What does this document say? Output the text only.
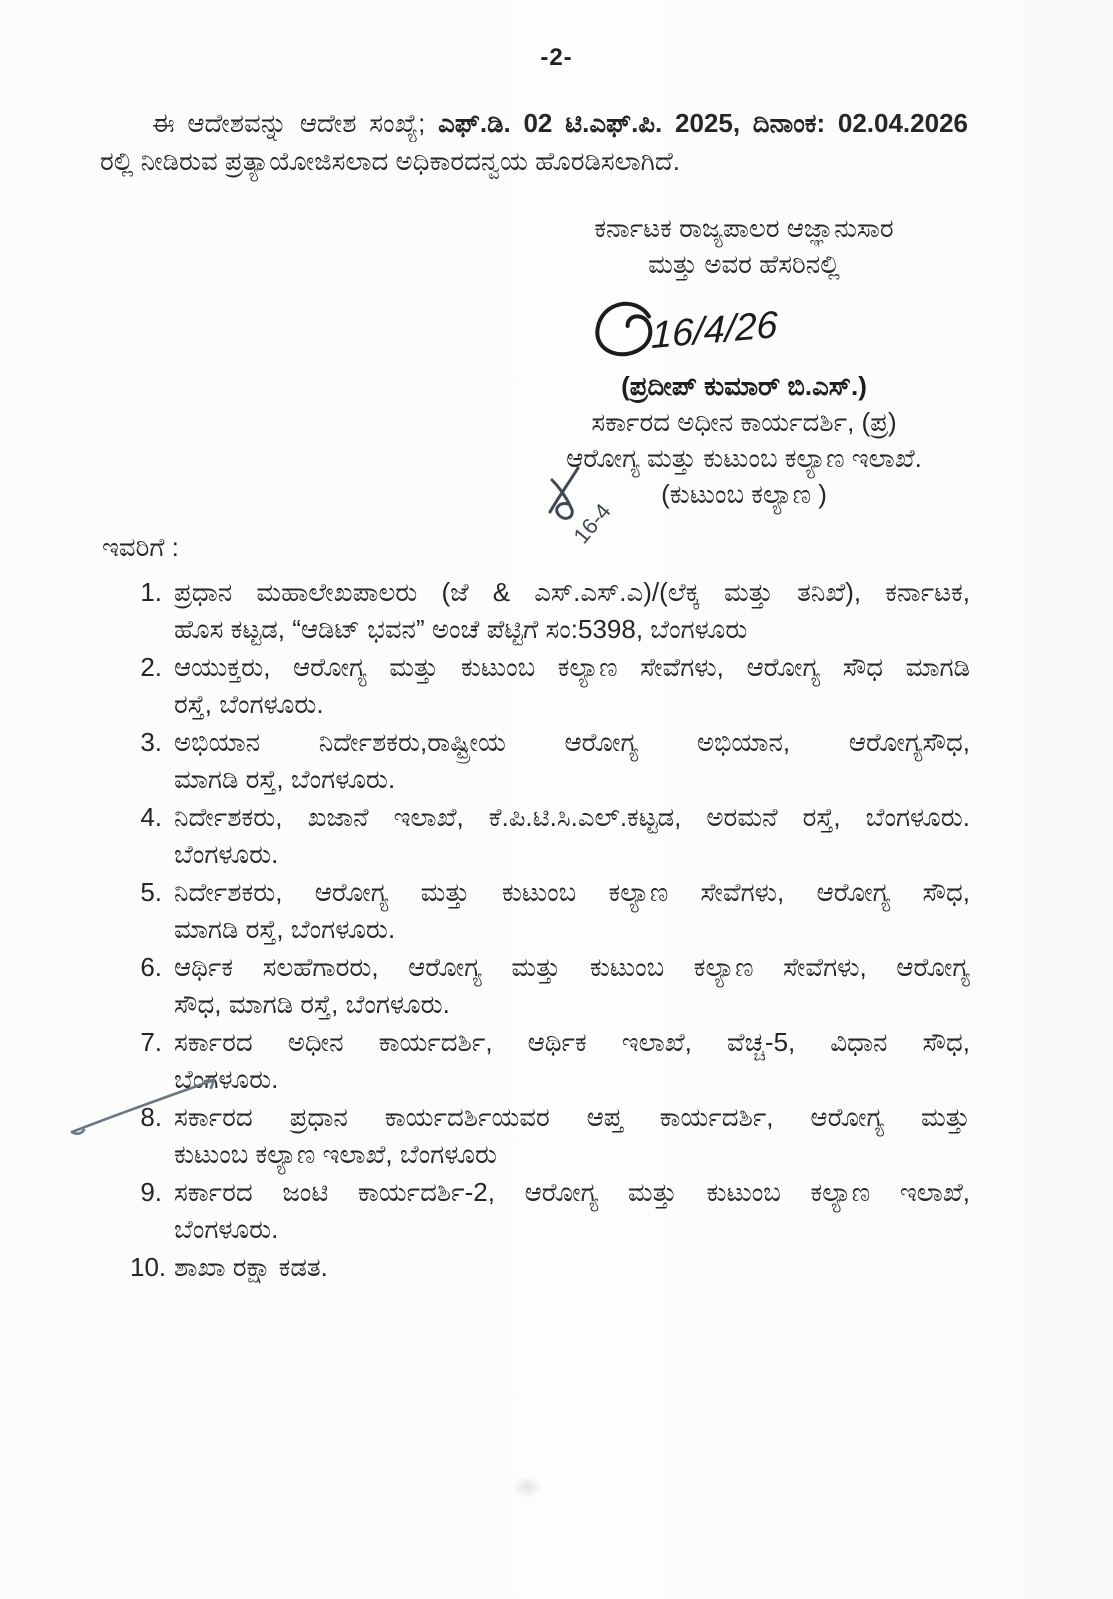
-2-
ಈ ಆದೇಶವನ್ನು ಆದೇಶ ಸಂಖ್ಯೆ; ಎಫ್.ಡಿ. 02 ಟಿ.ಎಫ್.ಪಿ. 2025, ದಿನಾಂಕ: 02.04.2026
ರಲ್ಲಿ ನೀಡಿರುವ ಪ್ರತ್ಯಾಯೋಜಿಸಲಾದ ಅಧಿಕಾರದನ್ವಯ ಹೊರಡಿಸಲಾಗಿದೆ.
ಕರ್ನಾಟಕ ರಾಜ್ಯಪಾಲರ ಆಜ್ಞಾನುಸಾರ
ಮತ್ತು ಅವರ ಹೆಸರಿನಲ್ಲಿ
16/4/26
(ಪ್ರದೀಪ್ ಕುಮಾರ್ ಬಿ.ಎಸ್.)
ಸರ್ಕಾರದ ಅಧೀನ ಕಾರ್ಯದರ್ಶಿ, (ಪ್ರ)
ಆರೋಗ್ಯ ಮತ್ತು ಕುಟುಂಬ ಕಲ್ಯಾಣ ಇಲಾಖೆ.
(ಕುಟುಂಬ ಕಲ್ಯಾಣ )
16-4
ಇವರಿಗೆ :
1. ಪ್ರಧಾನ ಮಹಾಲೇಖಪಾಲರು (ಜೆ & ಎಸ್.ಎಸ್.ಎ)/(ಲೆಕ್ಕ ಮತ್ತು ತನಿಖೆ), ಕರ್ನಾಟಕ,
ಹೊಸ ಕಟ್ಟಡ, “ಆಡಿಟ್ ಭವನ” ಅಂಚೆ ಪೆಟ್ಟಿಗೆ ಸಂ:5398, ಬೆಂಗಳೂರು
2. ಆಯುಕ್ತರು, ಆರೋಗ್ಯ ಮತ್ತು ಕುಟುಂಬ ಕಲ್ಯಾಣ ಸೇವೆಗಳು, ಆರೋಗ್ಯ ಸೌಧ ಮಾಗಡಿ
ರಸ್ತೆ, ಬೆಂಗಳೂರು.
3. ಅಭಿಯಾನ ನಿರ್ದೇಶಕರು,ರಾಷ್ಟ್ರೀಯ ಆರೋಗ್ಯ ಅಭಿಯಾನ, ಆರೋಗ್ಯಸೌಧ,
ಮಾಗಡಿ ರಸ್ತೆ, ಬೆಂಗಳೂರು.
4. ನಿರ್ದೇಶಕರು, ಖಜಾನೆ ಇಲಾಖೆ, ಕೆ.ಪಿ.ಟಿ.ಸಿ.ಎಲ್.ಕಟ್ಟಡ, ಅರಮನೆ ರಸ್ತೆ, ಬೆಂಗಳೂರು.
ಬೆಂಗಳೂರು.
5. ನಿರ್ದೇಶಕರು, ಆರೋಗ್ಯ ಮತ್ತು ಕುಟುಂಬ ಕಲ್ಯಾಣ ಸೇವೆಗಳು, ಆರೋಗ್ಯ ಸೌಧ,
ಮಾಗಡಿ ರಸ್ತೆ, ಬೆಂಗಳೂರು.
6. ಆರ್ಥಿಕ ಸಲಹೆಗಾರರು, ಆರೋಗ್ಯ ಮತ್ತು ಕುಟುಂಬ ಕಲ್ಯಾಣ ಸೇವೆಗಳು, ಆರೋಗ್ಯ
ಸೌಧ, ಮಾಗಡಿ ರಸ್ತೆ, ಬೆಂಗಳೂರು.
7. ಸರ್ಕಾರದ ಅಧೀನ ಕಾರ್ಯದರ್ಶಿ, ಆರ್ಥಿಕ ಇಲಾಖೆ, ವೆಚ್ಚ-5, ವಿಧಾನ ಸೌಧ,
ಬೆಂಗಳೂರು.
8. ಸರ್ಕಾರದ ಪ್ರಧಾನ ಕಾರ್ಯದರ್ಶಿಯವರ ಆಪ್ತ ಕಾರ್ಯದರ್ಶಿ, ಆರೋಗ್ಯ ಮತ್ತು
ಕುಟುಂಬ ಕಲ್ಯಾಣ ಇಲಾಖೆ, ಬೆಂಗಳೂರು
9. ಸರ್ಕಾರದ ಜಂಟಿ ಕಾರ್ಯದರ್ಶಿ-2, ಆರೋಗ್ಯ ಮತ್ತು ಕುಟುಂಬ ಕಲ್ಯಾಣ ಇಲಾಖೆ,
ಬೆಂಗಳೂರು.
10. ಶಾಖಾ ರಕ್ಷಾ ಕಡತ.
